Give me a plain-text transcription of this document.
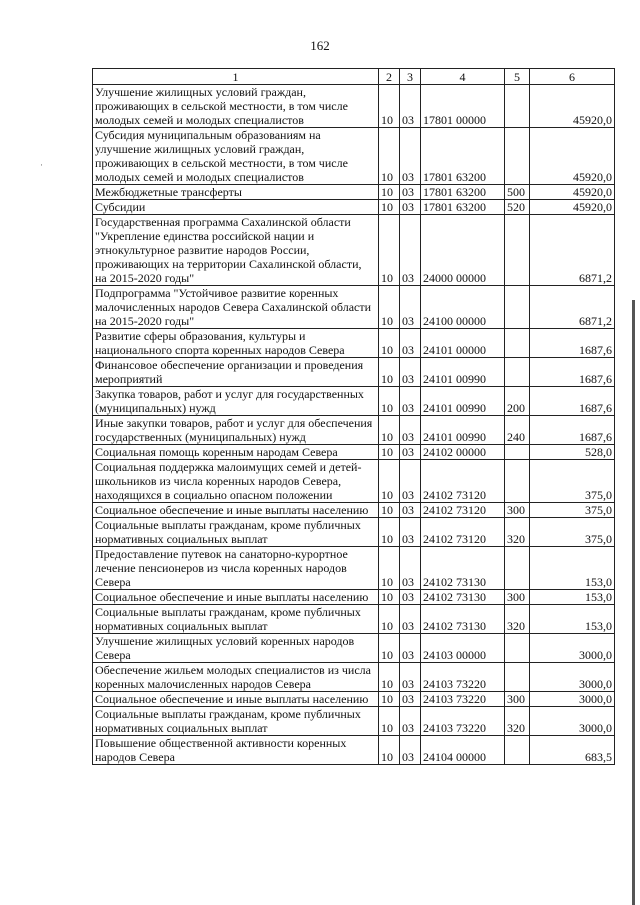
162
1	2	3	4	5	6
Улучшение жилищных условий граждан, проживающих в сельской местности, в том числе молодых семей и молодых специалистов	10	03	17801 00000		45920,0
Субсидия муниципальным образованиям на улучшение жилищных условий граждан, проживающих в сельской местности, в том числе молодых семей и молодых специалистов	10	03	17801 63200		45920,0
Межбюджетные трансферты	10	03	17801 63200	500	45920,0
Субсидии	10	03	17801 63200	520	45920,0
Государственная программа Сахалинской области "Укрепление единства российской нации и этнокультурное развитие народов России, проживающих на территории Сахалинской области, на 2015-2020 годы"	10	03	24000 00000		6871,2
Подпрограмма "Устойчивое развитие коренных малочисленных народов Севера Сахалинской области на 2015-2020 годы"	10	03	24100 00000		6871,2
Развитие сферы образования, культуры и национального спорта коренных народов Севера	10	03	24101 00000		1687,6
Финансовое обеспечение организации и проведения мероприятий	10	03	24101 00990		1687,6
Закупка товаров, работ и услуг для государственных (муниципальных) нужд	10	03	24101 00990	200	1687,6
Иные закупки товаров, работ и услуг для обеспечения государственных (муниципальных) нужд	10	03	24101 00990	240	1687,6
Социальная помощь коренным народам Севера	10	03	24102 00000		528,0
Социальная поддержка малоимущих семей и детей-школьников из числа коренных народов Севера, находящихся в социально опасном положении	10	03	24102 73120		375,0
Социальное обеспечение и иные выплаты населению	10	03	24102 73120	300	375,0
Социальные выплаты гражданам, кроме публичных нормативных социальных выплат	10	03	24102 73120	320	375,0
Предоставление путевок на санаторно-курортное лечение пенсионеров из числа коренных народов Севера	10	03	24102 73130		153,0
Социальное обеспечение и иные выплаты населению	10	03	24102 73130	300	153,0
Социальные выплаты гражданам, кроме публичных нормативных социальных выплат	10	03	24102 73130	320	153,0
Улучшение жилищных условий коренных народов Севера	10	03	24103 00000		3000,0
Обеспечение жильем молодых специалистов из числа коренных малочисленных народов Севера	10	03	24103 73220		3000,0
Социальное обеспечение и иные выплаты населению	10	03	24103 73220	300	3000,0
Социальные выплаты гражданам, кроме публичных нормативных социальных выплат	10	03	24103 73220	320	3000,0
Повышение общественной активности коренных народов Севера	10	03	24104 00000		683,5
·
